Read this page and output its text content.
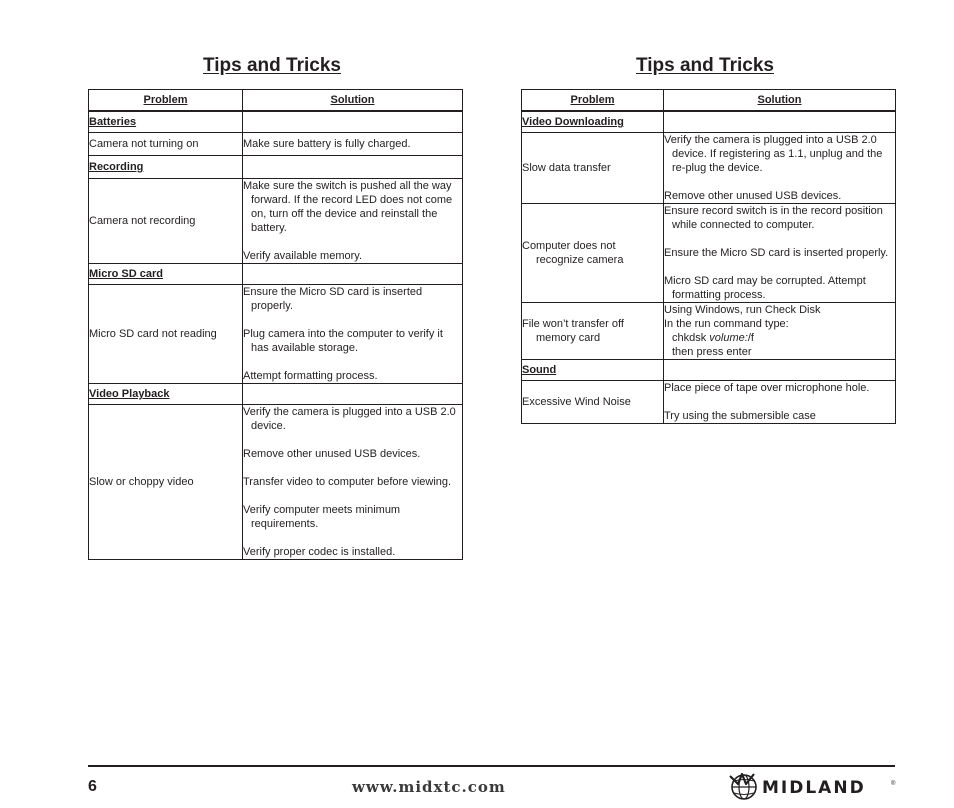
Tips and Tricks	Tips and Tricks
Problem	Solution
Batteries	

Camera not turning on	Make sure battery is fully charged.

Recording	

Camera not recording	Make sure the switch is pushed all the way forward. If the record LED does not come on, turn off the device and reinstall the battery.
Verify available memory.

Micro SD card	

Micro SD card not reading	Ensure the Micro SD card is inserted properly.
Plug camera into the computer to verify it has available storage.
Attempt formatting process.

Video Playback	

Slow or choppy video	Verify the camera is plugged into a USB 2.0 device.
Remove other unused USB devices.
Transfer video to computer before viewing.
Verify computer meets minimum requirements.
Verify proper codec is installed.
Problem	Solution
Video Downloading	

Slow data transfer	Verify the camera is plugged into a USB 2.0 device. If registering as 1.1, unplug and the re-plug the device.
Remove other unused USB devices.

Computer does not recognize camera	Ensure record switch is in the record position while connected to computer.
Ensure the Micro SD card is inserted properly.
Micro SD card may be corrupted. Attempt formatting process.

File won’t transfer off memory card	Using Windows, run Check Disk
In the run command type:
chkdsk volume:/f
then press enter

Sound	

Excessive Wind Noise	Place piece of tape over microphone hole.
Try using the submersible case

6	www.midxtc.com	MIDLAND	®
